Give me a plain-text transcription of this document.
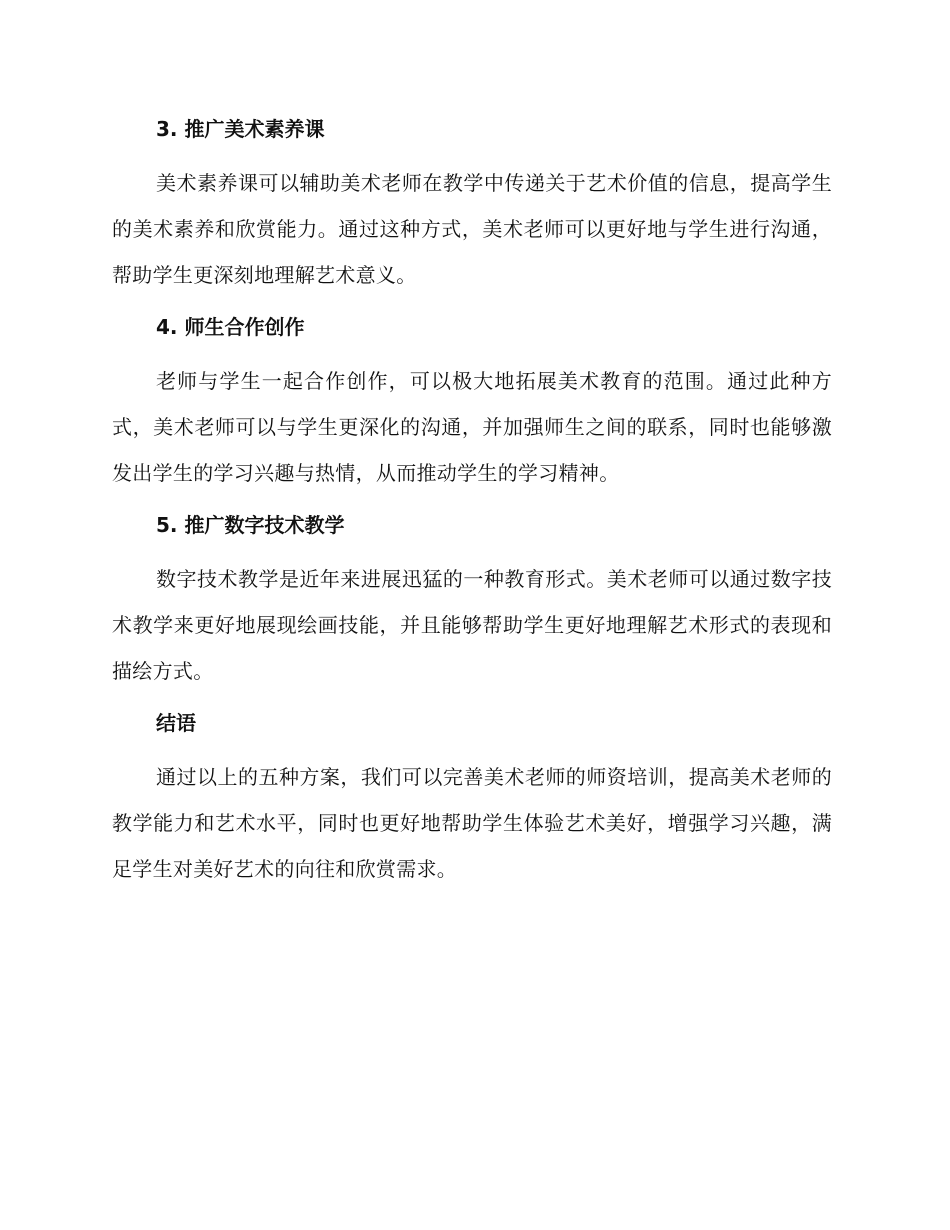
3. 推广美术素养课

美术素养课可以辅助美术老师在教学中传递关于艺术价值的信息，提高学生的美术素养和欣赏能力。通过这种方式，美术老师可以更好地与学生进行沟通，帮助学生更深刻地理解艺术意义。

4. 师生合作创作

老师与学生一起合作创作，可以极大地拓展美术教育的范围。通过此种方式，美术老师可以与学生更深化的沟通，并加强师生之间的联系，同时也能够激发出学生的学习兴趣与热情，从而推动学生的学习精神。

5. 推广数字技术教学

数字技术教学是近年来进展迅猛的一种教育形式。美术老师可以通过数字技术教学来更好地展现绘画技能，并且能够帮助学生更好地理解艺术形式的表现和描绘方式。

结语

通过以上的五种方案，我们可以完善美术老师的师资培训，提高美术老师的教学能力和艺术水平，同时也更好地帮助学生体验艺术美好，增强学习兴趣，满足学生对美好艺术的向往和欣赏需求。
